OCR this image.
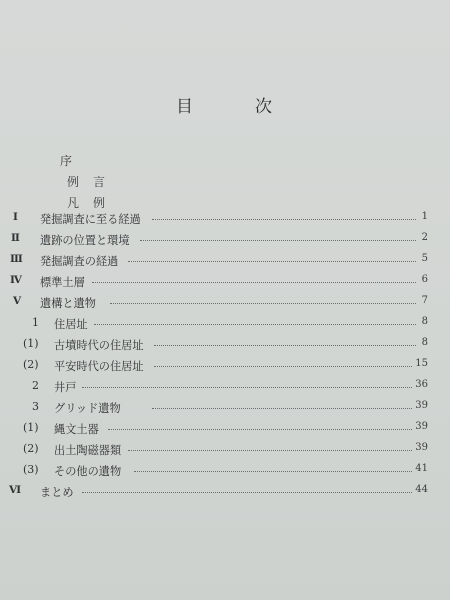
目	次
序
例　言
凡　例
Ⅰ 発掘調査に至る経過	1
Ⅱ 遺跡の位置と環境	2
Ⅲ 発掘調査の経過	5
Ⅳ 標準土層	6
Ⅴ 遺構と遺物	7
1 住居址	8
(1) 古墳時代の住居址	8
(2) 平安時代の住居址	15
2 井戸	36
3 グリッド遺物	39
(1) 縄文土器	39
(2) 出土陶磁器類	39
(3) その他の遺物	41
Ⅵ まとめ	44
